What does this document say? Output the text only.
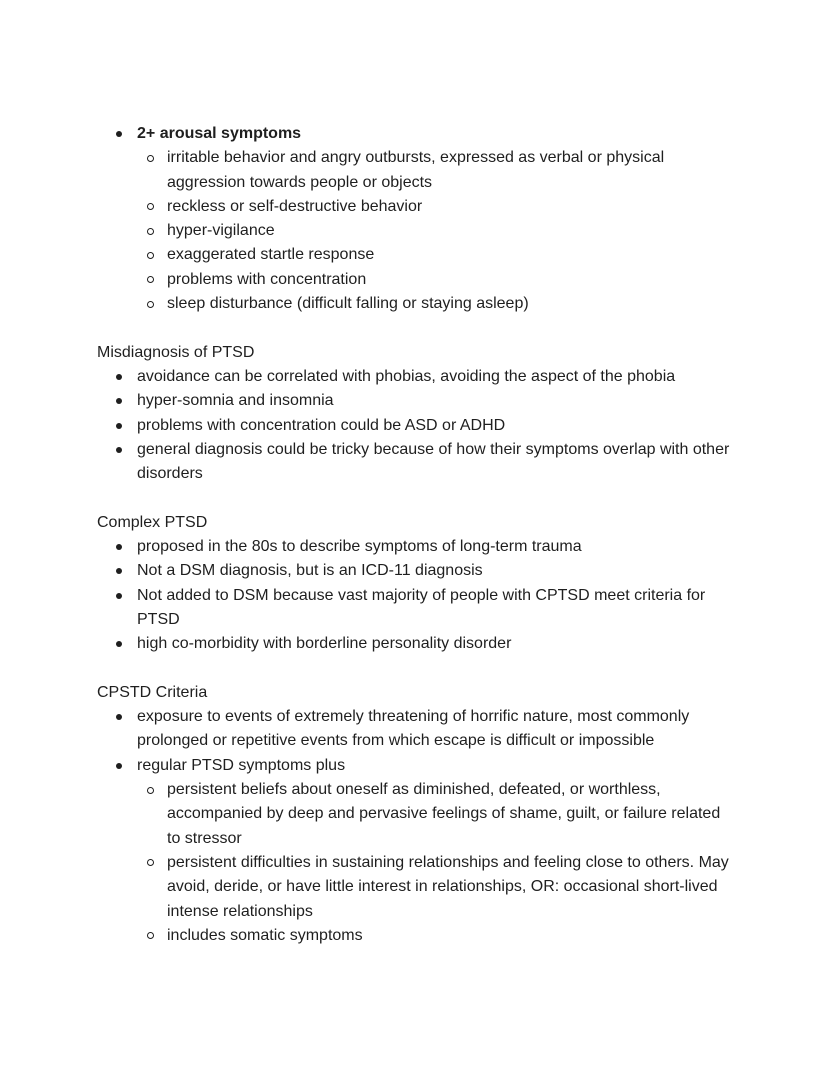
2+ arousal symptoms
irritable behavior and angry outbursts, expressed as verbal or physical aggression towards people or objects
reckless or self-destructive behavior
hyper-vigilance
exaggerated startle response
problems with concentration
sleep disturbance (difficult falling or staying asleep)

Misdiagnosis of PTSD

avoidance can be correlated with phobias, avoiding the aspect of the phobia
hyper-somnia and insomnia
problems with concentration could be ASD or ADHD
general diagnosis could be tricky because of how their symptoms overlap with other disorders

Complex PTSD

proposed in the 80s to describe symptoms of long-term trauma
Not a DSM diagnosis, but is an ICD-11 diagnosis
Not added to DSM because vast majority of people with CPTSD meet criteria for PTSD
high co-morbidity with borderline personality disorder

CPSTD Criteria

exposure to events of extremely threatening of horrific nature, most commonly prolonged or repetitive events from which escape is difficult or impossible
regular PTSD symptoms plus
persistent beliefs about oneself as diminished, defeated, or worthless, accompanied by deep and pervasive feelings of shame, guilt, or failure related to stressor
persistent difficulties in sustaining relationships and feeling close to others. May avoid, deride, or have little interest in relationships, OR: occasional short-lived intense relationships
includes somatic symptoms
